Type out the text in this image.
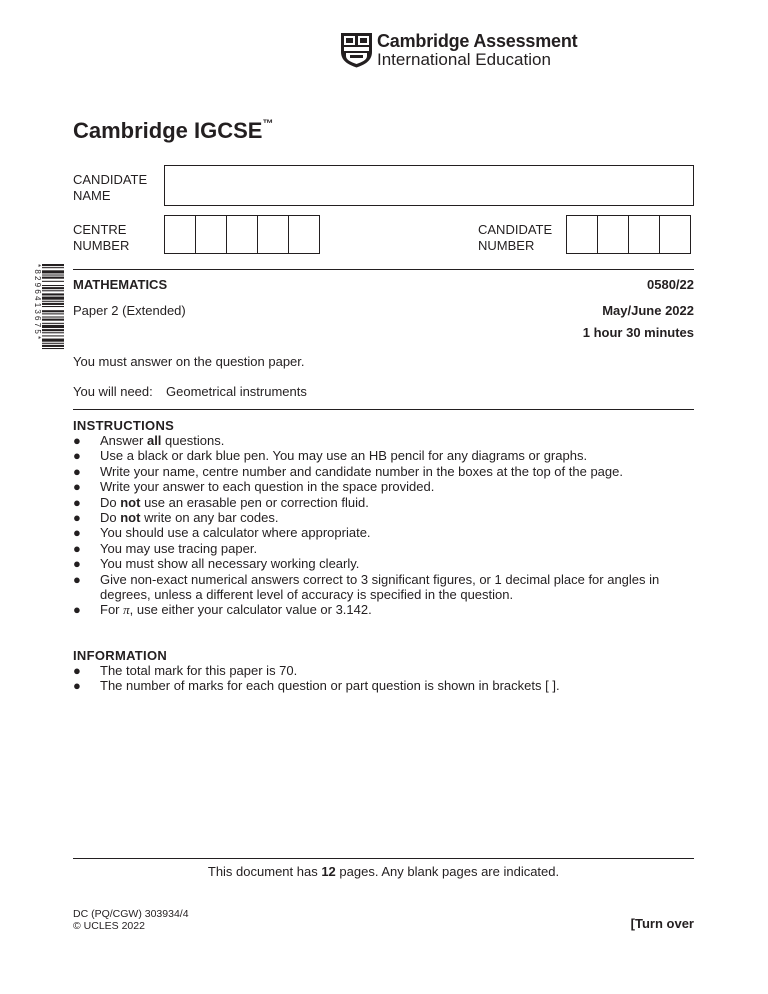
Cambridge Assessment
International Education
Cambridge IGCSE™
CANDIDATE
NAME
CENTRE
NUMBER
CANDIDATE
NUMBER
* 8 2 9 6 4 1 3 6 7 5 * MATHEMATICS	0580/22
Paper 2 (Extended)	May/June 2022
1 hour 30 minutes
You must answer on the question paper.
You will need: Geometrical instruments
INSTRUCTIONS
● Answer all questions.
● Use a black or dark blue pen. You may use an HB pencil for any diagrams or graphs.
● Write your name, centre number and candidate number in the boxes at the top of the page.
● Write your answer to each question in the space provided.
● Do not use an erasable pen or correction fluid.
● Do not write on any bar codes.
● You should use a calculator where appropriate.
● You may use tracing paper.
● You must show all necessary working clearly.
● Give non-exact numerical answers correct to 3 significant figures, or 1 decimal place for angles in degrees, unless a different level of accuracy is specified in the question.
● For π, use either your calculator value or 3.142.
INFORMATION
● The total mark for this paper is 70.
● The number of marks for each question or part question is shown in brackets [ ].
This document has 12 pages. Any blank pages are indicated.
DC (PQ/CGW) 303934/4
© UCLES 2022	[Turn over
